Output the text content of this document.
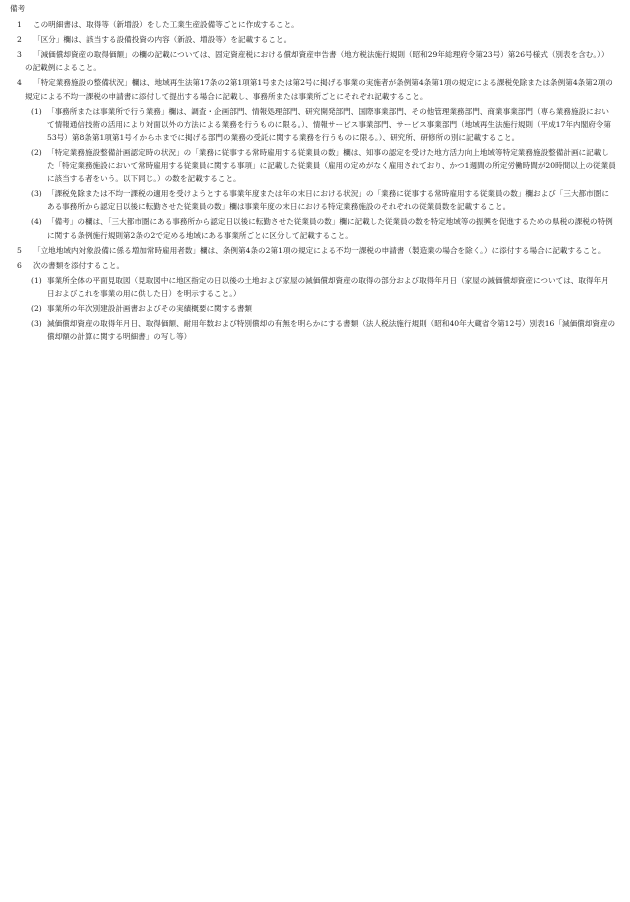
備考
1	この明細書は、取得等（新増設）をした工業生産設備等ごとに作成すること。
2	「区分」欄は、該当する設備投資の内容（新設、増設等）を記載すること。
3	「減価償却資産の取得価額」の欄の記載については、固定資産税における償却資産申告書（地方税法施行規則（昭和29年総理府令第23号）第26号様式（別表を含む。））の記載例によること。
4	「特定業務施設の整備状況」欄は、地域再生法第17条の2第1項第1号または第2号に掲げる事業の実施者が条例第4条第1項の規定による課税免除または条例第4条第2項の規定による不均一課税の申請書に添付して提出する場合に記載し、事務所または事業所ごとにそれぞれ記載すること。
(1) 「事務所または事業所で行う業務」欄は、調査・企画部門、情報処理部門、研究開発部門、国際事業部門、その他管理業務部門、商業事業部門（専ら業務施設において情報通信技術の活用により対面以外の方法による業務を行うものに限る。）、情報サービス事業部門、サービス事業部門（地域再生法施行規則（平成17年内閣府令第53号）第8条第1項第1号イからホまでに掲げる部門の業務の受託に関する業務を行うものに限る。）、研究所、研修所の別に記載すること。
(2) 「特定業務施設整備計画認定時の状況」の「業務に従事する常時雇用する従業員の数」欄は、知事の認定を受けた地方活力向上地域等特定業務施設整備計画に記載した「特定業務施設において常時雇用する従業員に関する事項」に記載した従業員（雇用の定めがなく雇用されており、かつ1週間の所定労働時間が20時間以上の従業員に該当する者をいう。以下同じ。）の数を記載すること。
(3) 「課税免除または不均一課税の適用を受けようとする事業年度または年の末日における状況」の「業務に従事する常時雇用する従業員の数」欄および「三大都市圏にある事務所から認定日以後に転勤させた従業員の数」欄は事業年度の末日における特定業務施設のそれぞれの従業員数を記載すること。
(4) 「備考」の欄は、「三大都市圏にある事務所から認定日以後に転勤させた従業員の数」欄に記載した従業員の数を特定地域等の振興を促進するための県税の課税の特例に関する条例施行規則第2条の2で定める地域にある事業所ごとに区分して記載すること。
5	「立地地域内対象設備に係る増加常時雇用者数」欄は、条例第4条の2第1項の規定による不均一課税の申請書（製造業の場合を除く。）に添付する場合に記載すること。
6	次の書類を添付すること。
(1) 事業所全体の平面見取図（見取図中に地区指定の日以後の土地および家屋の減価償却資産の取得の部分および取得年月日（家屋の減価償却資産については、取得年月日およびこれを事業の用に供した日）を明示すること。）
(2) 事業所の年次別建設計画書およびその実績概要に関する書類
(3) 減価償却資産の取得年月日、取得価額、耐用年数および特別償却の有無を明らかにする書類（法人税法施行規則（昭和40年大蔵省令第12号）別表16「減価償却資産の償却額の計算に関する明細書」の写し等）
